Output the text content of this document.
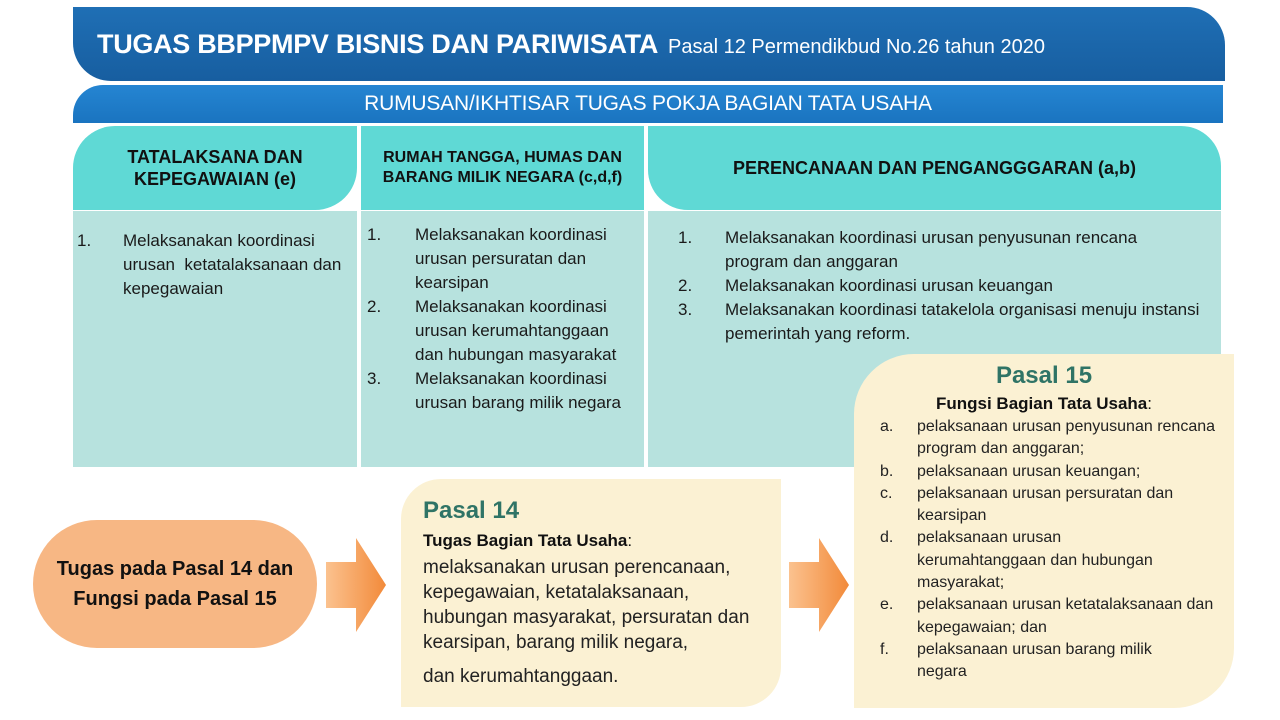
TUGAS BBPPMPV BISNIS DAN PARIWISATA Pasal 12 Permendikbud No.26 tahun 2020
RUMUSAN/IKHTISAR TUGAS POKJA BAGIAN TATA USAHA
TATALAKSANA DAN KEPEGAWAIAN (e)
RUMAH TANGGA, HUMAS DAN BARANG MILIK NEGARA (c,d,f)	PERENCANAAN DAN PENGANGGGARAN (a,b)
1.	Melaksanakan koordinasi urusan  ketatalaksanaan dan kepegawaian
1.	Melaksanakan koordinasi urusan persuratan dan kearsipan
2.	Melaksanakan koordinasi urusan kerumahtanggaan dan hubungan masyarakat
3.	Melaksanakan koordinasi urusan barang milik negara
1.	Melaksanakan koordinasi urusan penyusunan rencana program dan anggaran
2.	Melaksanakan koordinasi urusan keuangan
3.	Melaksanakan koordinasi tatakelola organisasi menuju instansi pemerintah yang reform.
Tugas pada Pasal 14 dan
Fungsi pada Pasal 15
Pasal 14
Tugas Bagian Tata Usaha:
melaksanakan urusan perencanaan, kepegawaian, ketatalaksanaan, hubungan masyarakat, persuratan dan kearsipan, barang milik negara,
dan kerumahtanggaan.
Pasal 15
Fungsi Bagian Tata Usaha:
a.	pelaksanaan urusan penyusunan rencana program dan anggaran;
b.	pelaksanaan urusan keuangan;
c.	pelaksanaan urusan persuratan dan kearsipan
d.	pelaksanaan urusan kerumahtanggaan dan hubungan masyarakat;
e.	pelaksanaan urusan ketatalaksanaan dan kepegawaian; dan
f.	pelaksanaan urusan barang milik negara
